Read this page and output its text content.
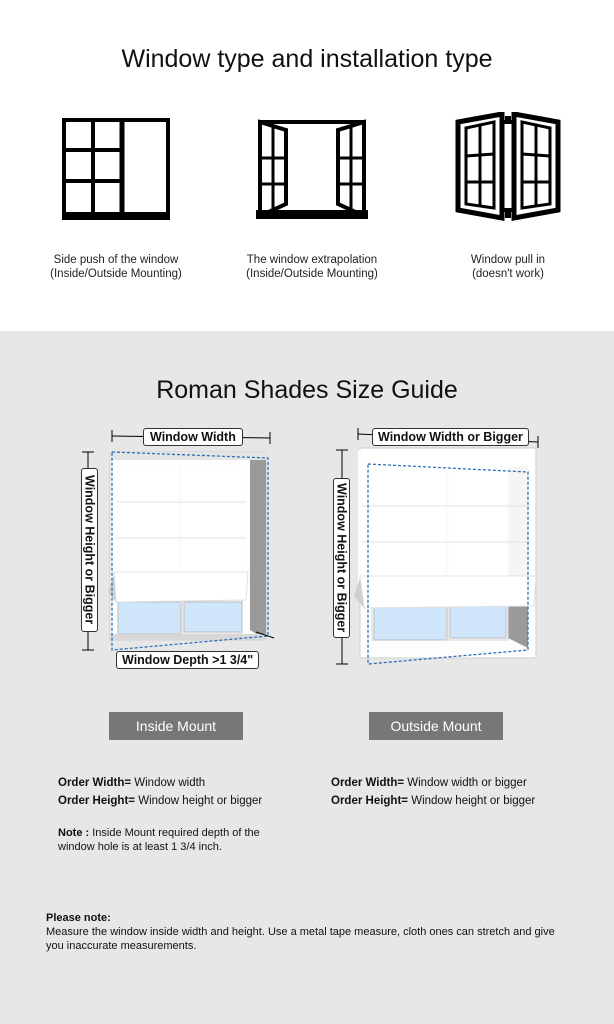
Window type and installation type
Side push of the window
(Inside/Outside Mounting)
The window extrapolation
(Inside/Outside Mounting)
Window pull in
(doesn't work)
Roman Shades Size Guide
Window Width
Window Height or Bigger
Window Depth >1 3/4"
Window Width or Bigger
Window Height or Bigger
Inside Mount	Outside Mount
Order Width= Window width
Order Height= Window height or bigger
Note : Inside Mount required depth of the window hole is at least 1 3/4 inch.
Order Width= Window width or bigger
Order Height= Window height or bigger
Please note:
Measure the window inside width and height. Use a metal tape measure, cloth ones can stretch and give you inaccurate measurements.
